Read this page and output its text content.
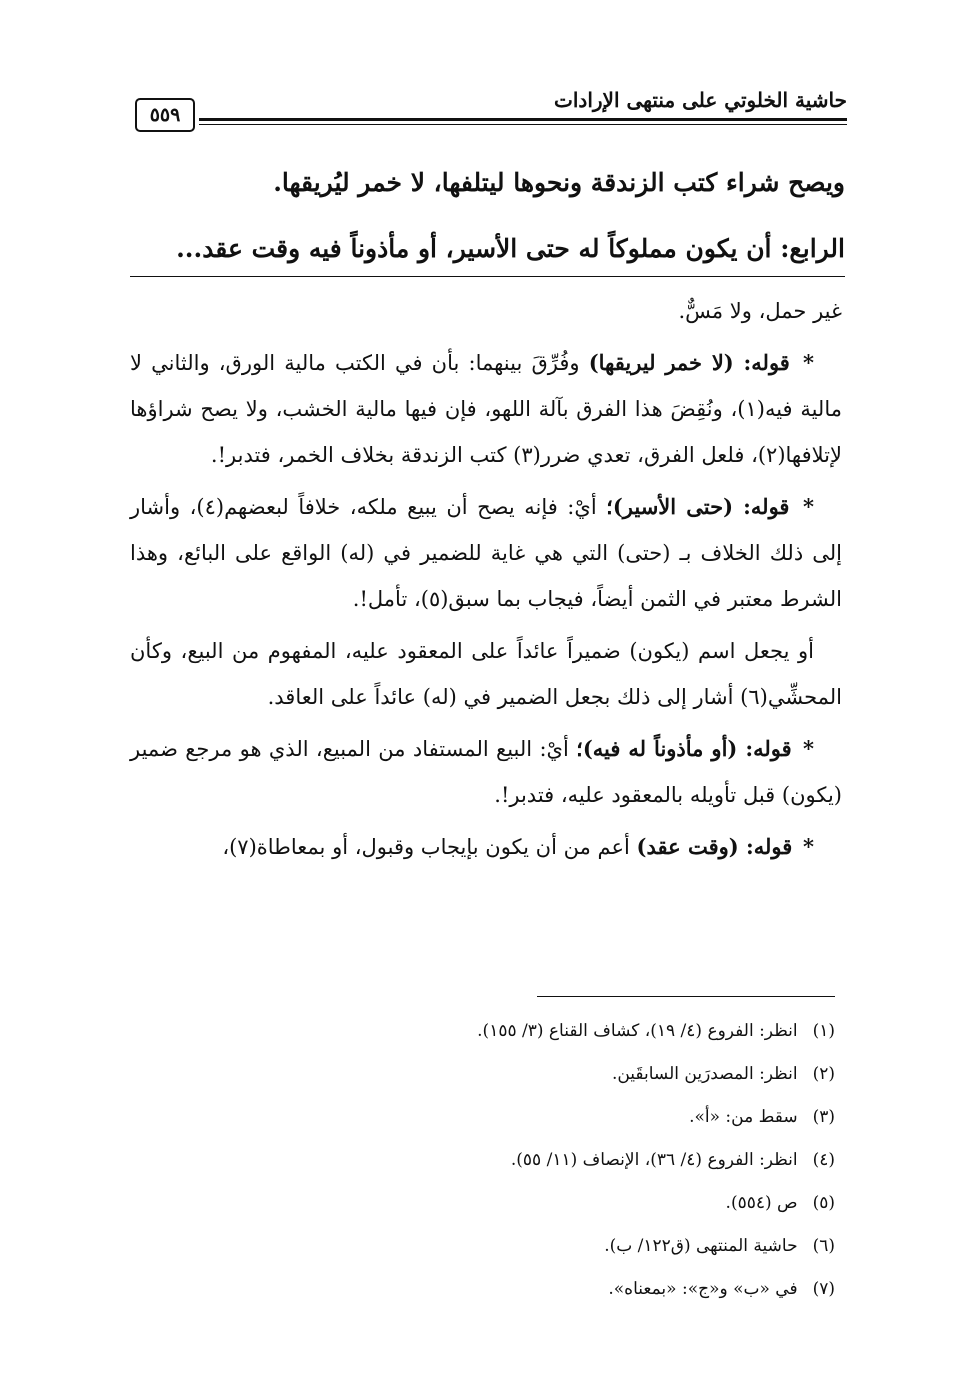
٥٥٩
حاشية الخلوتي على منتهى الإرادات
ويصح شراء كتب الزندقة ونحوها ليتلفها، لا خمر ليُريقها.
الرابع: أن يكون مملوكاً له حتى الأسير، أو مأذوناً فيه وقت عقد...

غير حمل، ولا مَسٌّ.

* قوله: (لا خمر ليريقها) وفُرِّقَ بينهما: بأن في الكتب مالية الورق، والثاني لا مالية فيه(١)، ونُقِضَ هذا الفرق بآلة اللهو، فإن فيها مالية الخشب، ولا يصح شراؤها لإتلافها(٢)، فلعل الفرق، تعدي ضرر(٣) كتب الزندقة بخلاف الخمر، فتدبر!.

* قوله: (حتى الأسير)؛ أيْ: فإنه يصح أن يبيع ملكه، خلافاً لبعضهم(٤)، وأشار إلى ذلك الخلاف بـ (حتى) التي هي غاية للضمير في (له) الواقع على البائع، وهذا الشرط معتبر في الثمن أيضاً، فيجاب بما سبق(٥)، تأمل!.

أو يجعل اسم (يكون) ضميراً عائداً على المعقود عليه، المفهوم من البيع، وكأن المحشِّي(٦) أشار إلى ذلك بجعل الضمير في (له) عائداً على العاقد.

* قوله: (أو مأذوناً له فيه)؛ أيْ: البيع المستفاد من المبيع، الذي هو مرجع ضمير (يكون) قبل تأويله بالمعقود عليه، فتدبر!.

* قوله: (وقت عقد) أعم من أن يكون بإيجاب وقبول، أو بمعاطاة(٧)،

(١) انظر: الفروع (٤/ ١٩)، كشاف القناع (٣/ ١٥٥).
(٢) انظر: المصدرَين السابقَين.
(٣) سقط من: «أ».
(٤) انظر: الفروع (٤/ ٣٦)، الإنصاف (١١/ ٥٥).
(٥) ص (٥٥٤).
(٦) حاشية المنتهى (ق١٢٢/ ب).
(٧) في «ب» و«ج»: «بمعناه».
